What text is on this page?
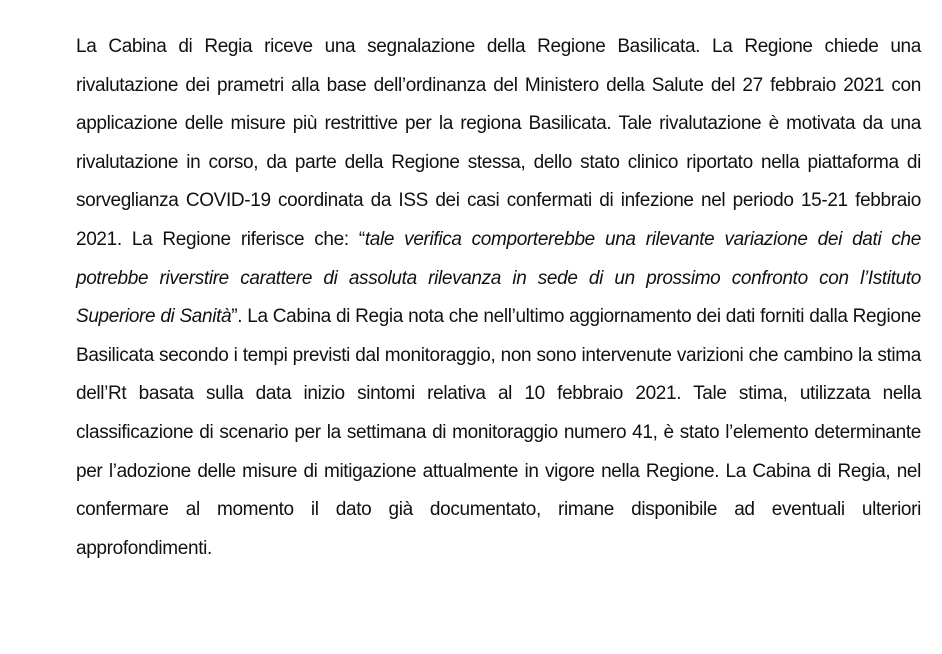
La Cabina di Regia riceve una segnalazione della Regione Basilicata. La Regione chiede una rivalutazione dei prametri alla base dell’ordinanza del Ministero della Salute del 27 febbraio 2021 con applicazione delle misure più restrittive per la regiona Basilicata. Tale rivalutazione è motivata da una rivalutazione in corso, da parte della Regione stessa, dello stato clinico riportato nella piattaforma di sorveglianza COVID-19 coordinata da ISS dei casi confermati di infezione nel periodo 15-21 febbraio 2021. La Regione riferisce che: “tale verifica comporterebbe una rilevante variazione dei dati che potrebbe riverstire carattere di assoluta rilevanza in sede di un prossimo confronto con l’Istituto Superiore di Sanità”. La Cabina di Regia nota che nell’ultimo aggiornamento dei dati forniti dalla Regione Basilicata secondo i tempi previsti dal monitoraggio, non sono intervenute varizioni che cambino la stima dell’Rt basata sulla data inizio sintomi relativa al 10 febbraio 2021. Tale stima, utilizzata nella classificazione di scenario per la settimana di monitoraggio numero 41, è stato l’elemento determinante per l’adozione delle misure di mitigazione attualmente in vigore nella Regione. La Cabina di Regia, nel confermare al momento il dato già documentato, rimane disponibile ad eventuali ulteriori approfondimenti.
